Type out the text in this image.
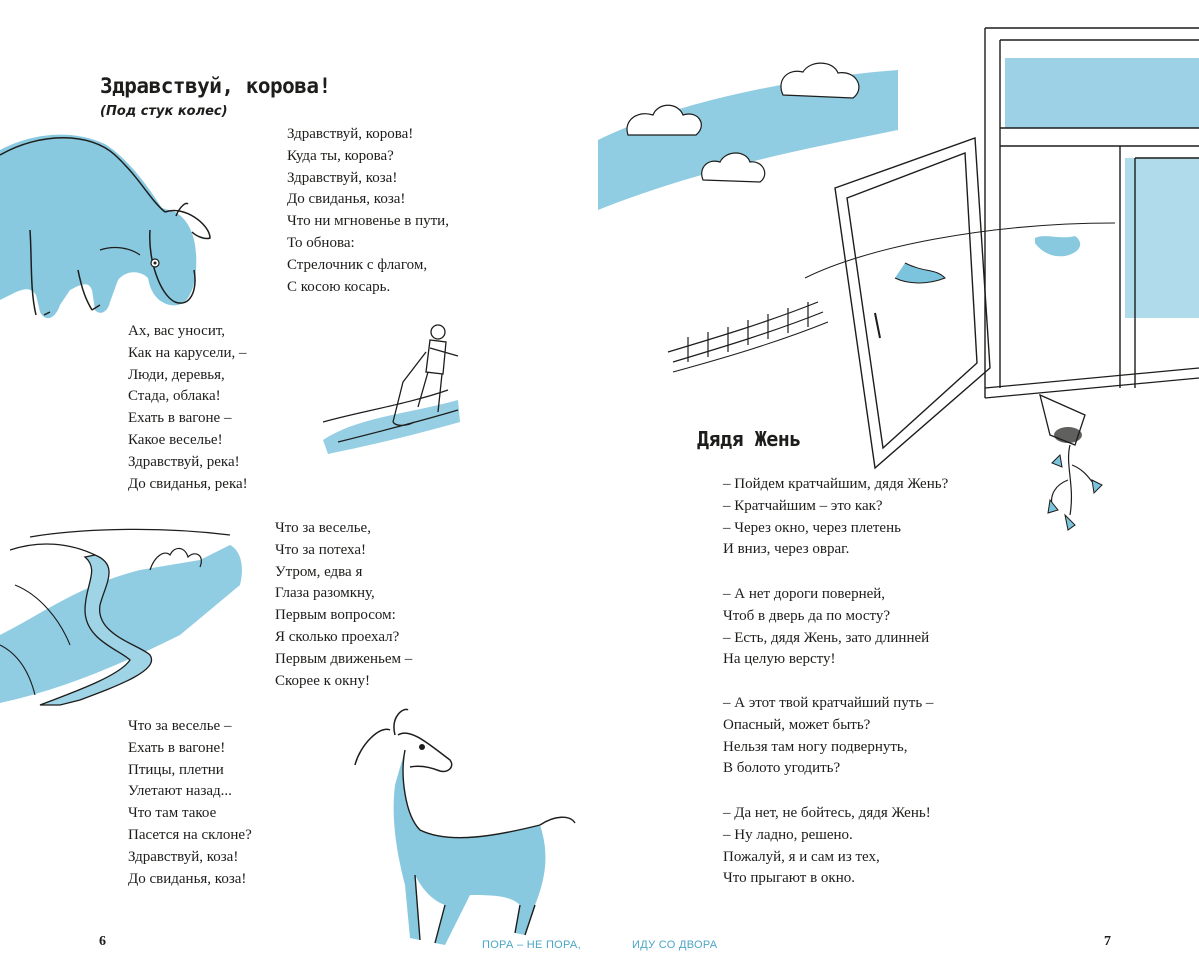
Здравствуй, корова!
(Под стук колес)
Здравствуй, корова!
Куда ты, корова?
Здравствуй, коза!
До свиданья, коза!
Что ни мгновенье в пути,
То обнова:
Стрелочник с флагом,
С косою косарь.
Ах, вас уносит,
Как на карусели, –
Люди, деревья,
Стада, облака!
Ехать в вагоне –
Какое веселье!
Здравствуй, река!
До свиданья, река!
Что за веселье,
Что за потеха!
Утром, едва я
Глаза разомкну,
Первым вопросом:
Я сколько проехал?
Первым движеньем –
Скорее к окну!
Что за веселье –
Ехать в вагоне!
Птицы, плетни
Улетают назад...
Что там такое
Пасется на склоне?
Здравствуй, коза!
До свиданья, коза!
6	ПОРА – НЕ ПОРА,
Дядя Жень
– Пойдем кратчайшим, дядя Жень?
– Кратчайшим – это как?
– Через окно, через плетень
И вниз, через овраг.
– А нет дороги поверней,
Чтоб в дверь да по мосту?
– Есть, дядя Жень, зато длинней
На целую версту!
– А этот твой кратчайший путь –
Опасный, может быть?
Нельзя там ногу подвернуть,
В болото угодить?
– Да нет, не бойтесь, дядя Жень!
– Ну ладно, решено.
Пожалуй, я и сам из тех,
Что прыгают в окно.
7
ИДУ СО ДВОРА
